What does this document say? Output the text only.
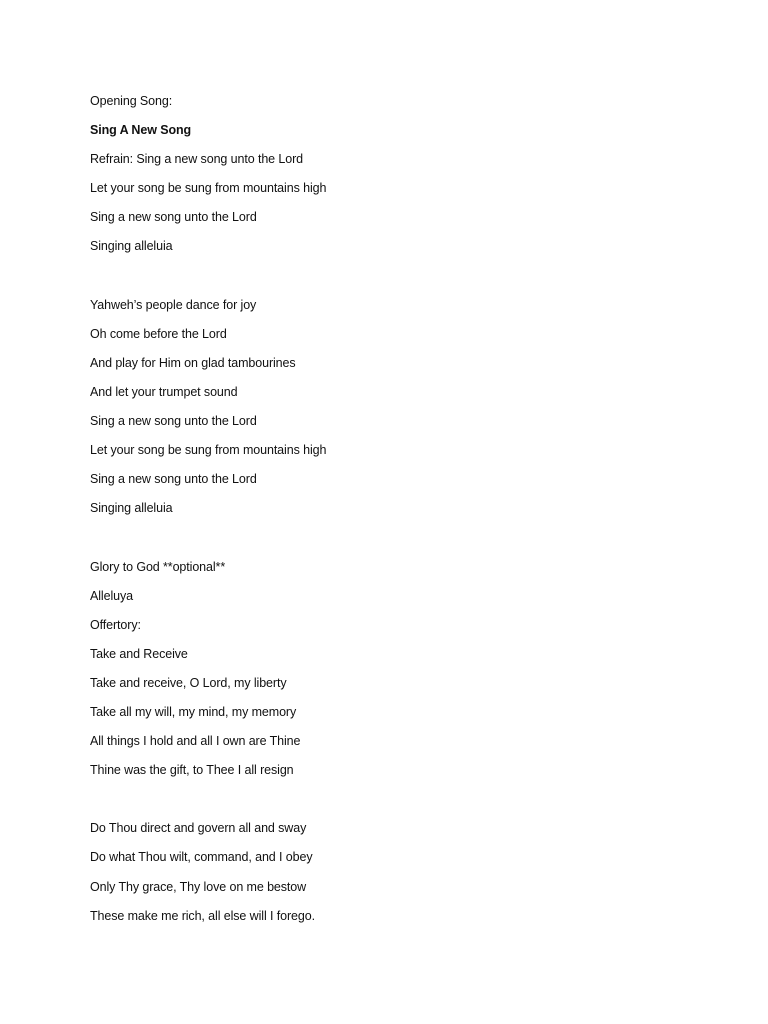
Opening Song:
Sing A New Song
Refrain: Sing a new song unto the Lord
Let your song be sung from mountains high
Sing a new song unto the Lord
Singing alleluia
Yahweh’s people dance for joy
Oh come before the Lord
And play for Him on glad tambourines
And let your trumpet sound
Sing a new song unto the Lord
Let your song be sung from mountains high
Sing a new song unto the Lord
Singing alleluia
Glory to God **optional**
Alleluya
Offertory:
Take and Receive
Take and receive, O Lord, my liberty
Take all my will, my mind, my memory
All things I hold and all I own are Thine
Thine was the gift, to Thee I all resign
Do Thou direct and govern all and sway
Do what Thou wilt, command, and I obey
Only Thy grace, Thy love on me bestow
These make me rich, all else will I forego.
